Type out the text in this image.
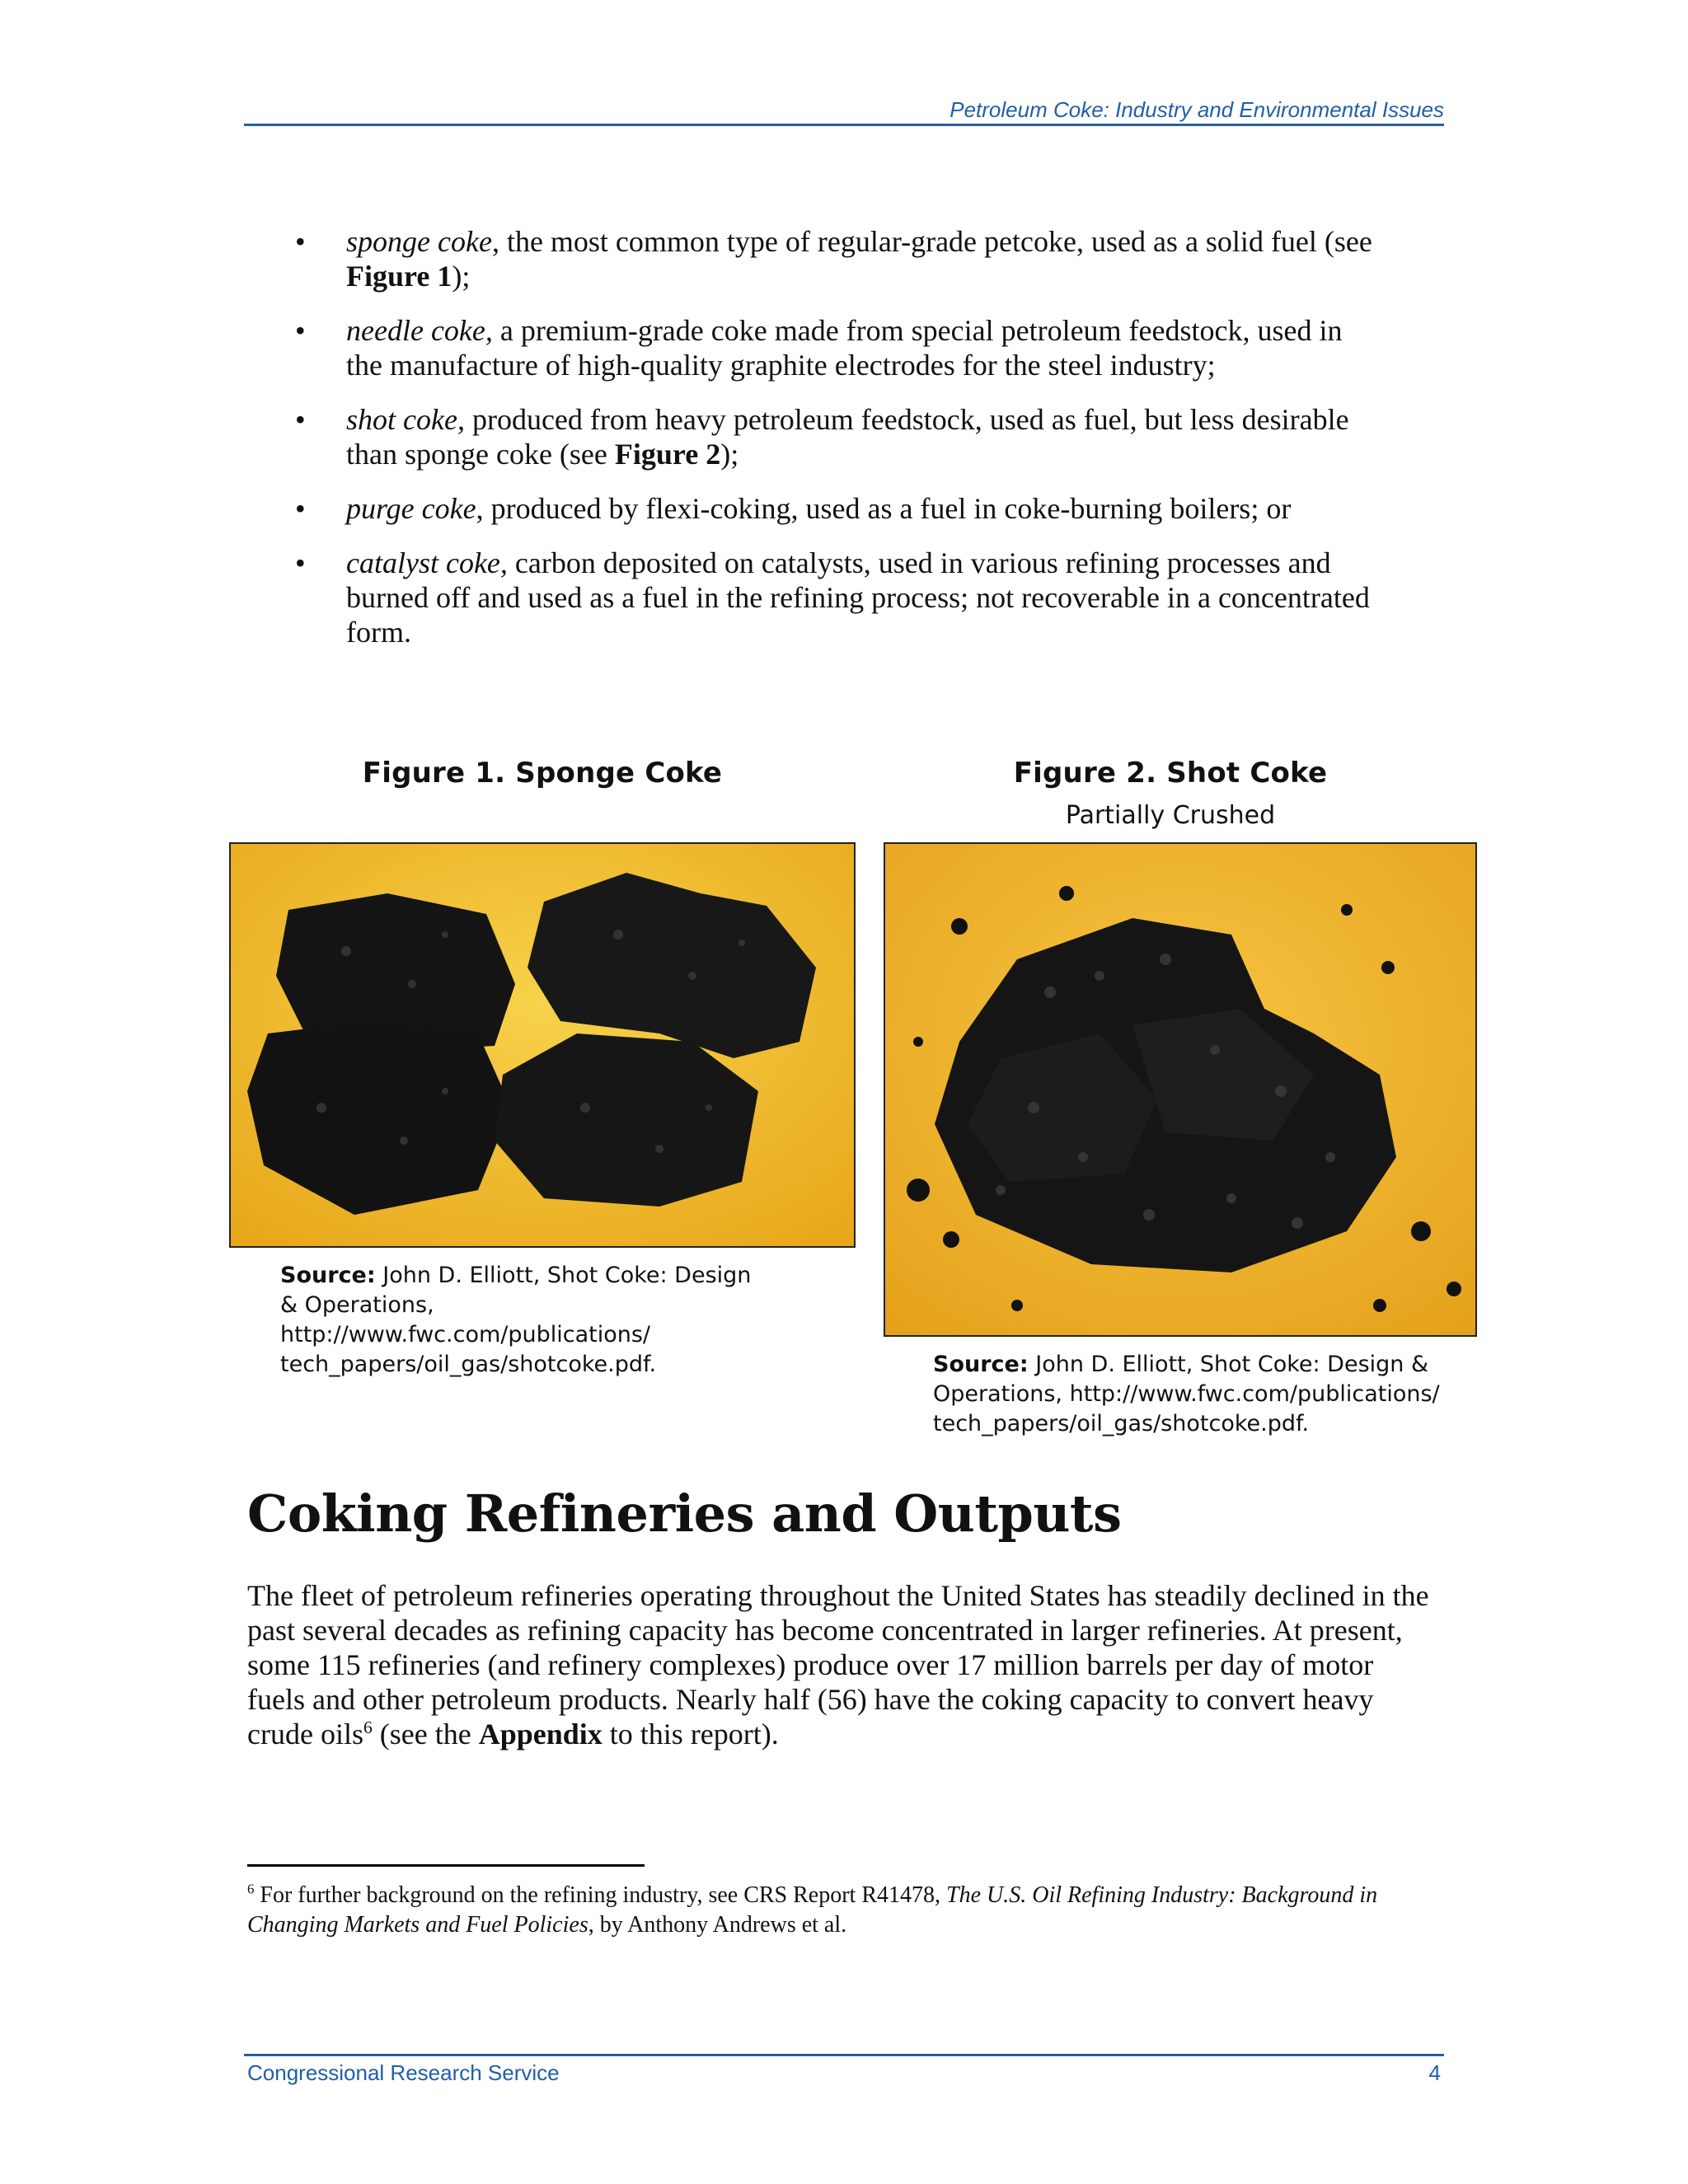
Petroleum Coke: Industry and Environmental Issues
• sponge coke, the most common type of regular-grade petcoke, used as a solid fuel (see Figure 1);
• needle coke, a premium-grade coke made from special petroleum feedstock, used in the manufacture of high-quality graphite electrodes for the steel industry;
• shot coke, produced from heavy petroleum feedstock, used as fuel, but less desirable than sponge coke (see Figure 2);
• purge coke, produced by flexi-coking, used as a fuel in coke-burning boilers; or
• catalyst coke, carbon deposited on catalysts, used in various refining processes and burned off and used as a fuel in the refining process; not recoverable in a concentrated form.
Figure 1. Sponge Coke
Source: John D. Elliott, Shot Coke: Design & Operations, http://www.fwc.com/publications/ tech_papers/oil_gas/shotcoke.pdf.
Figure 2. Shot Coke
Partially Crushed
Source: John D. Elliott, Shot Coke: Design & Operations, http://www.fwc.com/publications/ tech_papers/oil_gas/shotcoke.pdf.
Coking Refineries and Outputs
The fleet of petroleum refineries operating throughout the United States has steadily declined in the past several decades as refining capacity has become concentrated in larger refineries. At present, some 115 refineries (and refinery complexes) produce over 17 million barrels per day of motor fuels and other petroleum products. Nearly half (56) have the coking capacity to convert heavy crude oils$^6$ (see the Appendix to this report).
$^6$ For further background on the refining industry, see CRS Report R41478, The U.S. Oil Refining Industry: Background in Changing Markets and Fuel Policies, by Anthony Andrews et al.
Congressional Research Service	4
